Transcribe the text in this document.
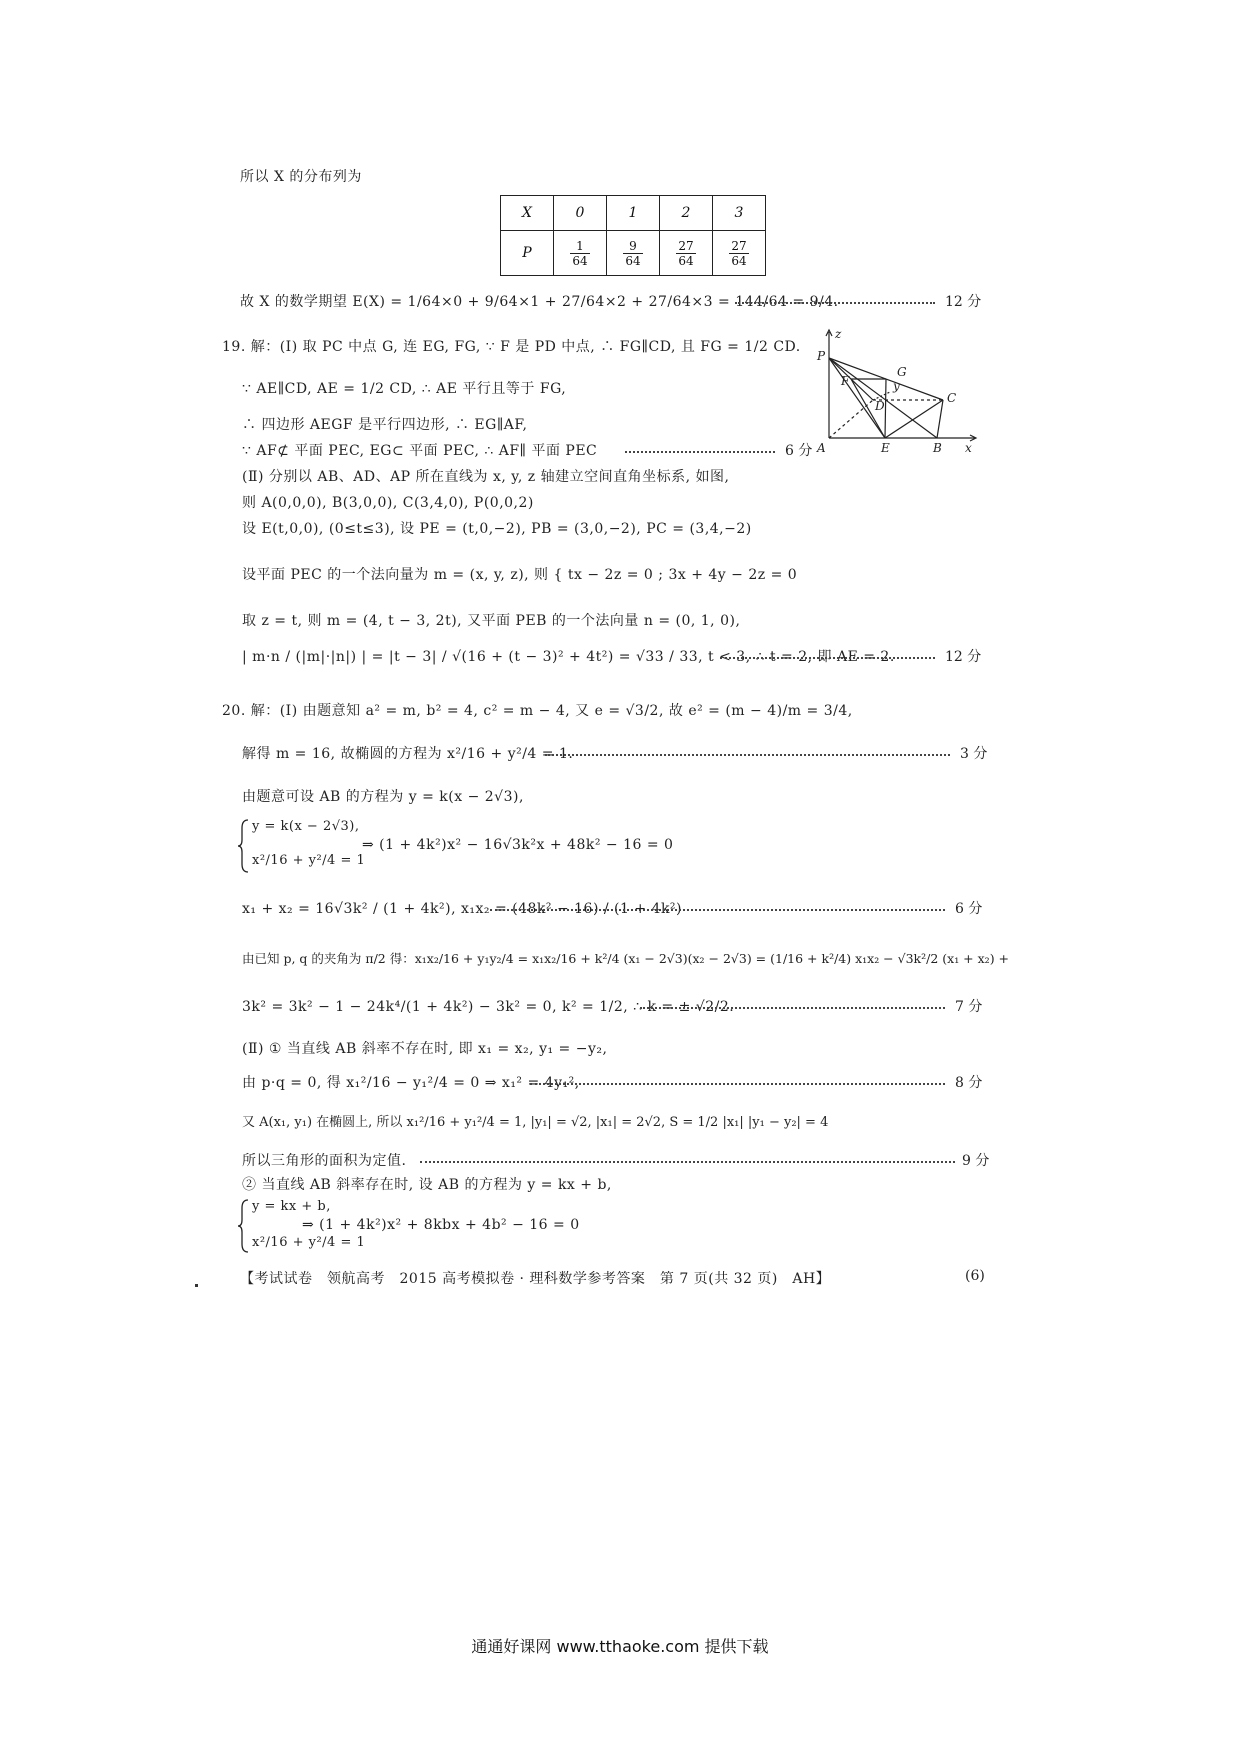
所以 X 的分布列为
X	0	1	2	3
P	$\frac{1}{64}$	$\frac{9}{64}$	$\frac{27}{64}$	$\frac{27}{64}$
故 X 的数学期望 E(X) = 1/64×0 + 9/64×1 + 27/64×2 + 27/64×3 = 144/64 = 9/4.	12 分
19. 解：(Ⅰ) 取 PC 中点 G, 连 EG, FG, ∵ F 是 PD 中点, ∴ FG∥CD, 且 FG = 1/2 CD.
∵ AE∥CD, AE = 1/2 CD, ∴ AE 平行且等于 FG,
∴ 四边形 AEGF 是平行四边形, ∴ EG∥AF,
∵ AF⊄ 平面 PEC, EG⊂ 平面 PEC, ∴ AF∥ 平面 PEC	6 分
z
P
G
F
D
C
A	E	B x
y
(Ⅱ) 分别以 AB、AD、AP 所在直线为 x, y, z 轴建立空间直角坐标系, 如图,
则 A(0,0,0), B(3,0,0), C(3,4,0), P(0,0,2)
设 E(t,0,0), (0≤t≤3), 设 PE = (t,0,−2), PB = (3,0,−2), PC = (3,4,−2)
设平面 PEC 的一个法向量为 m = (x, y, z), 则 { tx − 2z = 0 ; 3x + 4y − 2z = 0
取 z = t, 则 m = (4, t − 3, 2t), 又平面 PEB 的一个法向量 n = (0, 1, 0),
| m·n / (|m|·|n|) | = |t − 3| / √(16 + (t − 3)² + 4t²) = √33 / 33, t < 3, ∴ t = 2, 即 AE = 2.	12 分
20. 解：(Ⅰ) 由题意知 a² = m, b² = 4, c² = m − 4, 又 e = √3/2, 故 e² = (m − 4)/m = 3/4,
解得 m = 16, 故椭圆的方程为 x²/16 + y²/4 = 1.	3 分
由题意可设 AB 的方程为 y = k(x − 2√3),
y = k(x − 2√3),
x²/16 + y²/4 = 1
⇒ (1 + 4k²)x² − 16√3k²x + 48k² − 16 = 0
x₁ + x₂ = 16√3k² / (1 + 4k²), x₁x₂ = (48k² − 16) / (1 + 4k²)	6 分
由已知 p, q 的夹角为 π/2 得：x₁x₂/16 + y₁y₂/4 = x₁x₂/16 + k²/4 (x₁ − 2√3)(x₂ − 2√3) = (1/16 + k²/4) x₁x₂ − √3k²/2 (x₁ + x₂) +
3k² = 3k² − 1 − 24k⁴/(1 + 4k²) − 3k² = 0, k² = 1/2, ∴ k = ± √2/2.	7 分
(Ⅱ) ① 当直线 AB 斜率不存在时, 即 x₁ = x₂, y₁ = −y₂,
由 p·q = 0, 得 x₁²/16 − y₁²/4 = 0 ⇒ x₁² = 4y₁²,	8 分
又 A(x₁, y₁) 在椭圆上, 所以 x₁²/16 + y₁²/4 = 1, |y₁| = √2, |x₁| = 2√2, S = 1/2 |x₁| |y₁ − y₂| = 4
所以三角形的面积为定值.	9 分
② 当直线 AB 斜率存在时, 设 AB 的方程为 y = kx + b,
y = kx + b,
x²/16 + y²/4 = 1
⇒ (1 + 4k²)x² + 8kbx + 4b² − 16 = 0
【考试试卷　领航高考　2015 高考模拟卷 · 理科数学参考答案　第 7 页(共 32 页)　AH】	(6)
通通好课网 www.tthaoke.com 提供下载
